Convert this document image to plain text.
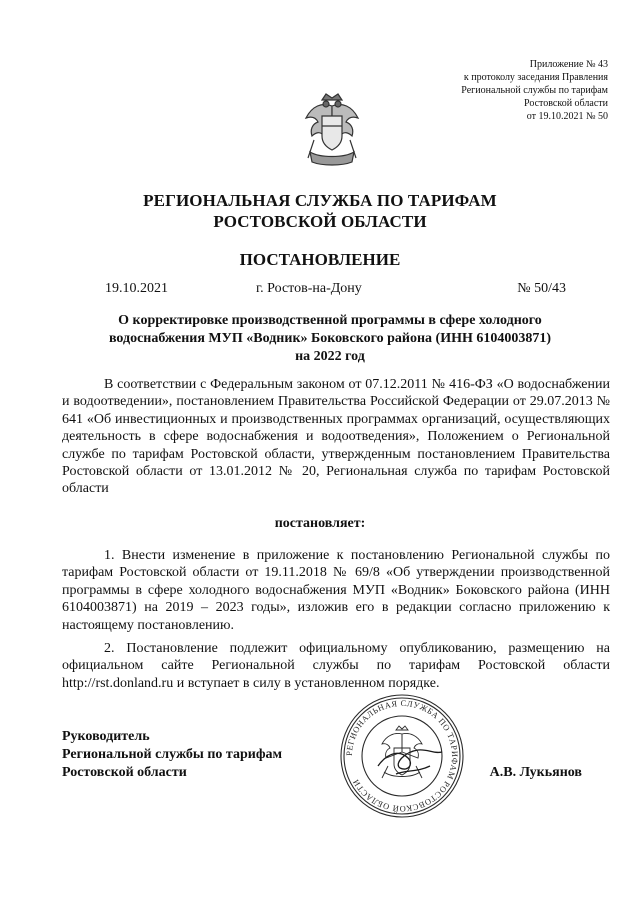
Приложение № 43
к протоколу заседания Правления
Региональной службы по тарифам
Ростовской области
от 19.10.2021 № 50
РЕГИОНАЛЬНАЯ СЛУЖБА ПО ТАРИФАМ
РОСТОВСКОЙ ОБЛАСТИ
ПОСТАНОВЛЕНИЕ
19.10.2021	г. Ростов-на-Дону	№ 50/43
О корректировке производственной программы в сфере холодного
водоснабжения МУП «Водник» Боковского района (ИНН 6104003871)
на 2022 год

В соответствии с Федеральным законом от 07.12.2011 № 416-ФЗ «О водоснабжении и водоотведении», постановлением Правительства Российской Федерации от 29.07.2013 № 641 «Об инвестиционных и производственных программах организаций, осуществляющих деятельность в сфере водоснабжения и водоотведения», Положением о Региональной службе по тарифам Ростовской области, утвержденным постановлением Правительства Ростовской области от 13.01.2012 № 20, Региональная служба по тарифам Ростовской области

постановляет:

1. Внести изменение в приложение к постановлению Региональной службы по тарифам Ростовской области от 19.11.2018 № 69/8 «Об утверждении производственной программы в сфере холодного водоснабжения МУП «Водник» Боковского района (ИНН 6104003871) на 2019 – 2023 годы», изложив его в редакции согласно приложению к настоящему постановлению.

2. Постановление подлежит официальному опубликованию, размещению на официальном сайте Региональной службы по тарифам Ростовской области http://rst.donland.ru и вступает в силу в установленном порядке.

Руководитель
Региональной службы по тарифам
Ростовской области
РЕГИОНАЛЬНАЯ СЛУЖБА ПО ТАРИФАМ РОСТОВСКОЙ ОБЛАСТИ
А.В. Лукьянов
